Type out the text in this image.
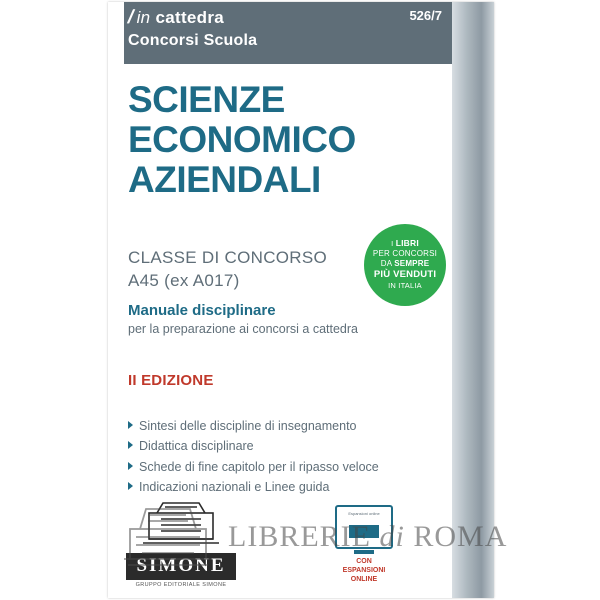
/in cattedra
Concorsi Scuola
526/7
SCIENZE
ECONOMICO
AZIENDALI
CLASSE DI CONCORSO
A45 (ex A017)
Manuale disciplinare
per la preparazione ai concorsi a cattedra
II EDIZIONE
Sintesi delle discipline di insegnamento
Didattica disciplinare
Schede di fine capitolo per il ripasso veloce
Indicazioni nazionali e Linee guida
SIMONE
GRUPPO EDITORIALE SIMONE
Espansioni online
CON ESPANSIONI
ONLINE
I LIBRI
PER CONCORSI
DA SEMPRE
PIÙ VENDUTI
IN ITALIA
LIBRERIE di ROMA
